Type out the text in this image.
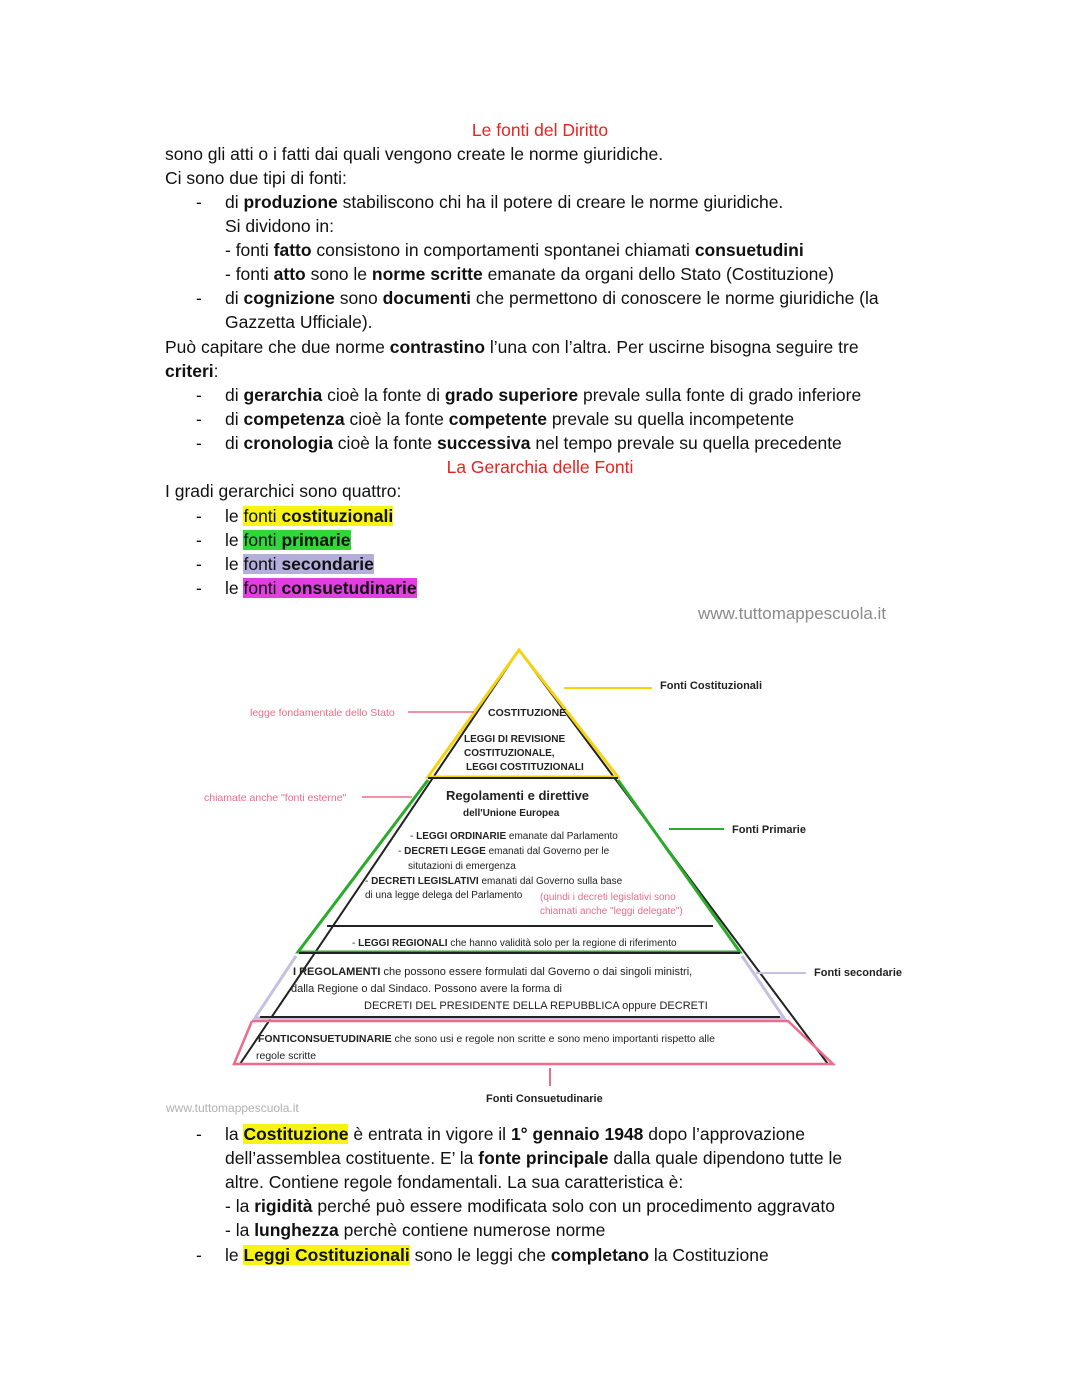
Le fonti del Diritto
sono gli atti o i fatti dai quali vengono create le norme giuridiche.
Ci sono due tipi di fonti:
- di produzione stabiliscono chi ha il potere di creare le norme giuridiche.
Si dividono in:
- fonti fatto consistono in comportamenti spontanei chiamati consuetudini
- fonti atto sono le norme scritte emanate da organi dello Stato (Costituzione)
- di cognizione sono documenti che permettono di conoscere le norme giuridiche (la
Gazzetta Ufficiale).
Può capitare che due norme contrastino l’una con l’altra. Per uscirne bisogna seguire tre
criteri:
- di gerarchia cioè la fonte di grado superiore prevale sulla fonte di grado inferiore
- di competenza cioè la fonte competente prevale su quella incompetente
- di cronologia cioè la fonte successiva nel tempo prevale su quella precedente
La Gerarchia delle Fonti
I gradi gerarchici sono quattro:
- le fonti costituzionali
- le fonti primarie
- le fonti secondarie
- le fonti consuetudinarie
www.tuttomappescuola.it
Fonti Costituzionali
legge fondamentale dello Stato
chiamate anche "fonti esterne"
Fonti Primarie
Fonti secondarie
Fonti Consuetudinarie
COSTITUZIONE
LEGGI DI REVISIONE
COSTITUZIONALE,
LEGGI COSTITUZIONALI
Regolamenti e direttive
dell'Unione Europea
- LEGGI ORDINARIE emanate dal Parlamento
- DECRETI LEGGE emanati dal Governo per le
situtazioni di emergenza
- DECRETI LEGISLATIVI emanati dal Governo sulla base
di una legge delega del Parlamento (quindi i decreti legislativi sono
chiamati anche "leggi delegate")
- LEGGI REGIONALI che hanno validità solo per la regione di riferimento
I REGOLAMENTI che possono essere formulati dal Governo o dai singoli ministri,
dalla Regione o dal Sindaco. Possono avere la forma di
DECRETI DEL PRESIDENTE DELLA REPUBBLICA oppure DECRETI
FONTICONSUETUDINARIE che sono usi e regole non scritte e sono meno importanti rispetto alle
regole scritte
www.tuttomappescuola.it
- la Costituzione è entrata in vigore il 1° gennaio 1948 dopo l’approvazione
dell’assemblea costituente. E’ la fonte principale dalla quale dipendono tutte le
altre. Contiene regole fondamentali. La sua caratteristica è:
- la rigidità perché può essere modificata solo con un procedimento aggravato
- la lunghezza perchè contiene numerose norme
- le Leggi Costituzionali sono le leggi che completano la Costituzione
